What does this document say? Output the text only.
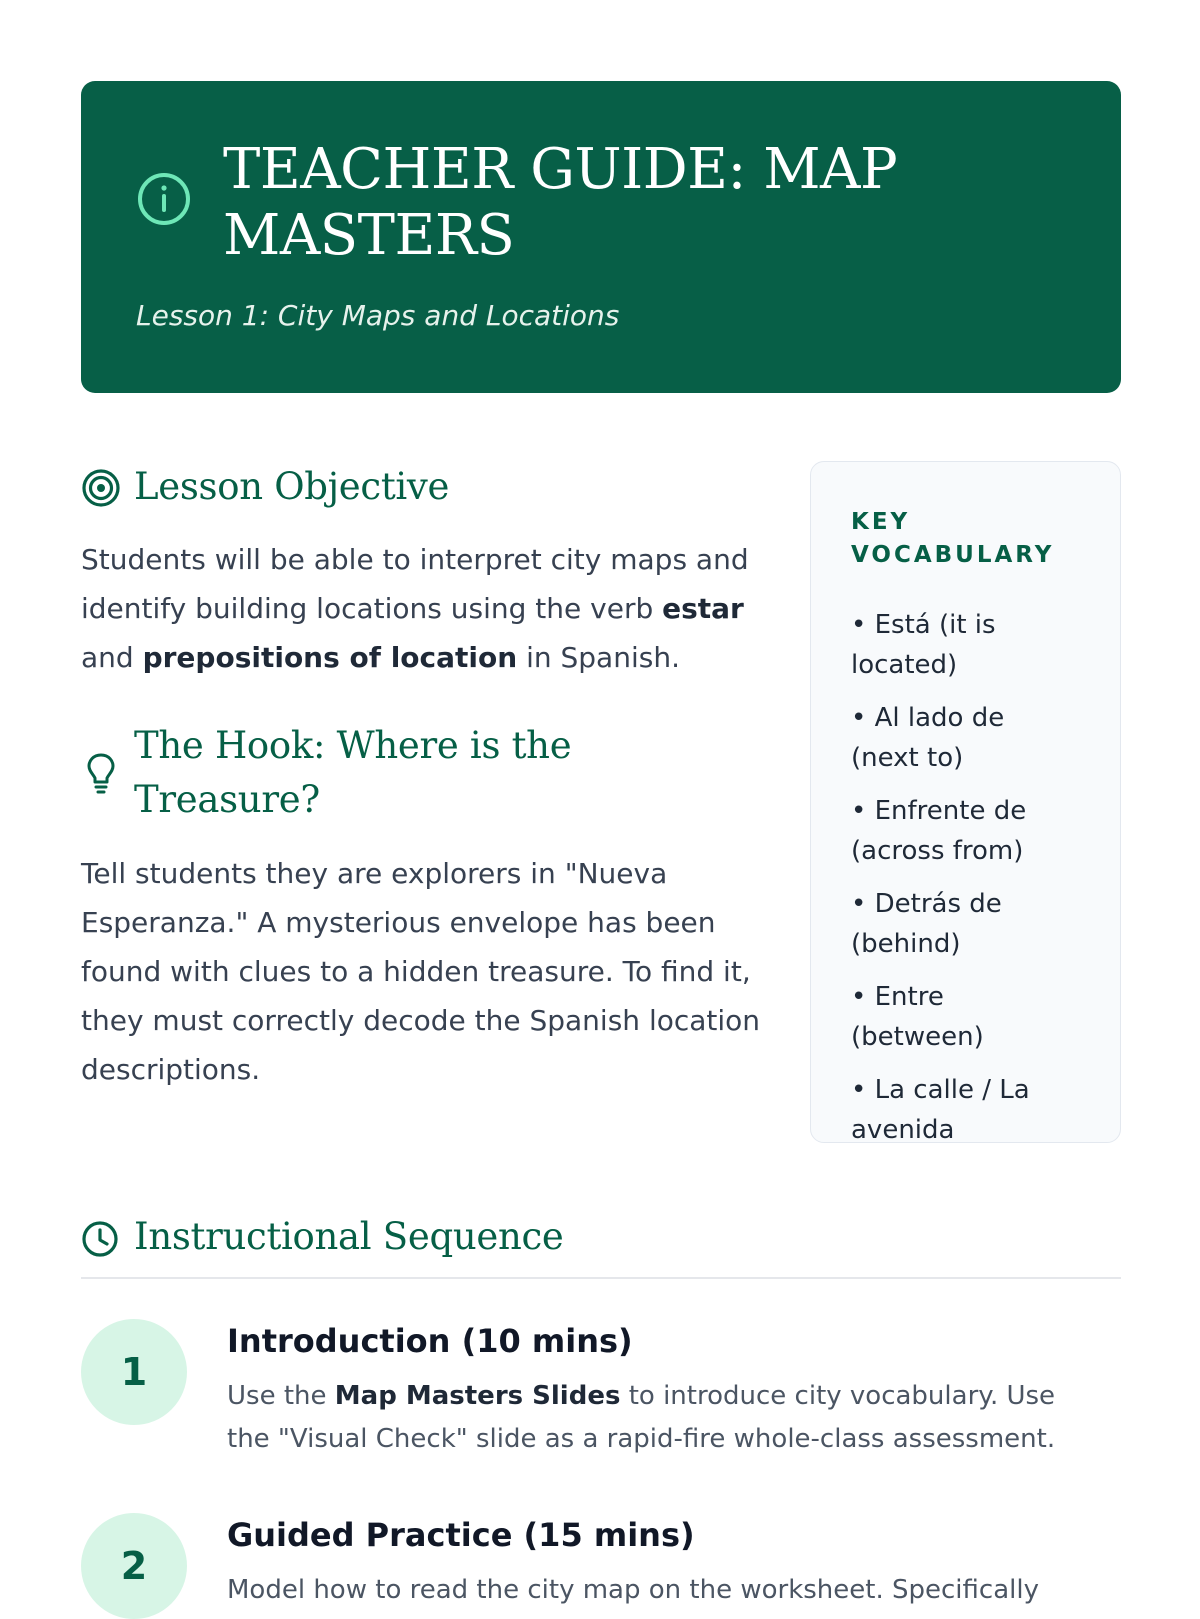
TEACHER GUIDE: MAP MASTERS

Lesson 1: City Maps and Locations

Lesson Objective

Students will be able to interpret city maps and identify building locations using the verb estar and prepositions of location in Spanish.

The Hook: Where is the Treasure?

Tell students they are explorers in "Nueva Esperanza." A mysterious envelope has been found with clues to a hidden treasure. To find it, they must correctly decode the Spanish location descriptions.

KEY VOCABULARY
• Está (it is located)
• Al lado de (next to)
• Enfrente de (across from)
• Detrás de (behind)
• Entre (between)
• La calle / La avenida
Instructional Sequence
1
Introduction (10 mins)

Use the Map Masters Slides to introduce city vocabulary. Use the "Visual Check" slide as a rapid-fire whole-class assessment.

2
Guided Practice (15 mins)

Model how to read the city map on the worksheet. Specifically
